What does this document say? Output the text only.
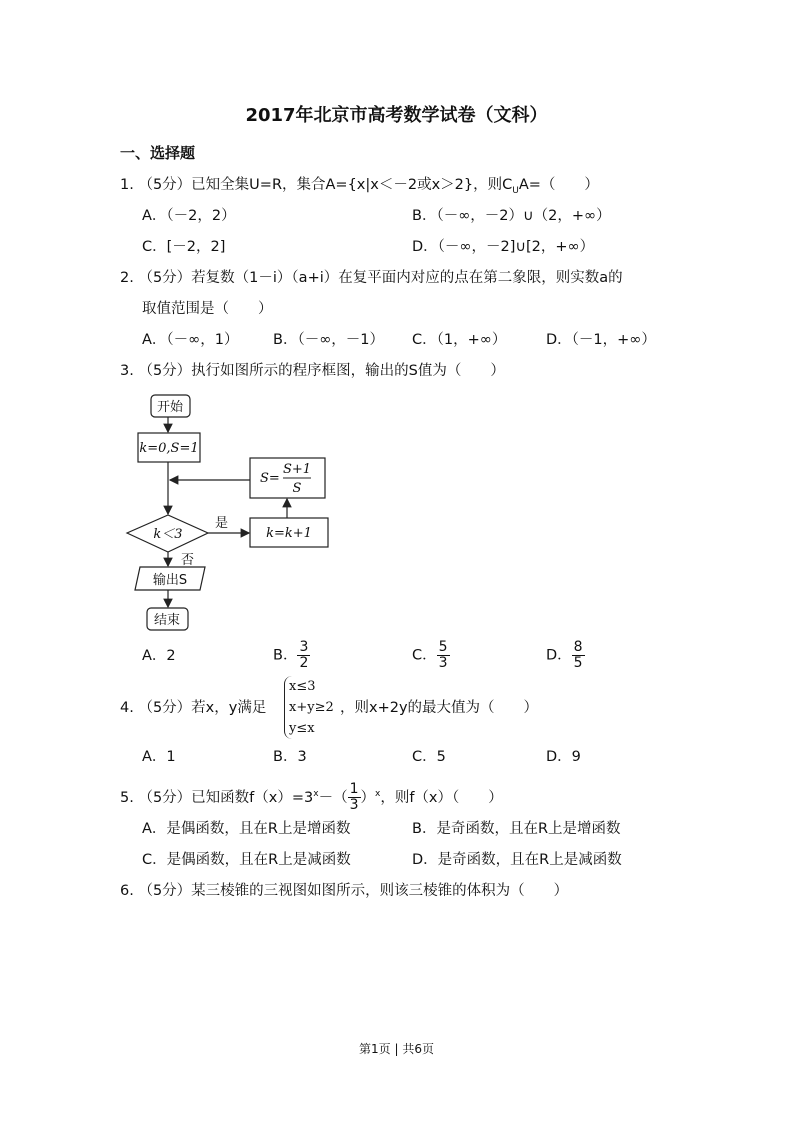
2017年北京市高考数学试卷（文科）
一、选择题
1. （5分）已知全集U=R，集合A={x|x＜－2或x＞2}，则$C_UA=$（　　）
A．（－2，2）	B．（－∞，－2）∪（2，+∞）
C．[－2，2]	D．（－∞，－2]∪[2，+∞）
2. （5分）若复数（1－i）（a+i）在复平面内对应的点在第二象限，则实数a的
取值范围是（　　）
A．（－∞，1） B．（－∞，－1） C．（1，+∞）	D．（－1，+∞）
3. （5分）执行如图所示的程序框图，输出的S值为（　　）
开始
k=0,S=1
S=
S+1
S
k=k+1
k＜3
是
否
输出S
结束
A．2	B． $\frac{3}{2}$	C． $\frac{5}{3}$	D． $\frac{8}{5}$
4. （5分）若x，y满足
x≤3
x+y≥2
y≤x
，则x+2y的最大值为（　　）
A．1	B．3	C．5	D．9
5. （5分）已知函数$f(x)=3^x-( \frac{1}{3} )^x$，则f（x）（　　）
A．是偶函数，且在R上是增函数	B．是奇函数，且在R上是增函数
C．是偶函数，且在R上是减函数	D．是奇函数，且在R上是减函数
6. （5分）某三棱锥的三视图如图所示，则该三棱锥的体积为（　　）
第1页 | 共6页
